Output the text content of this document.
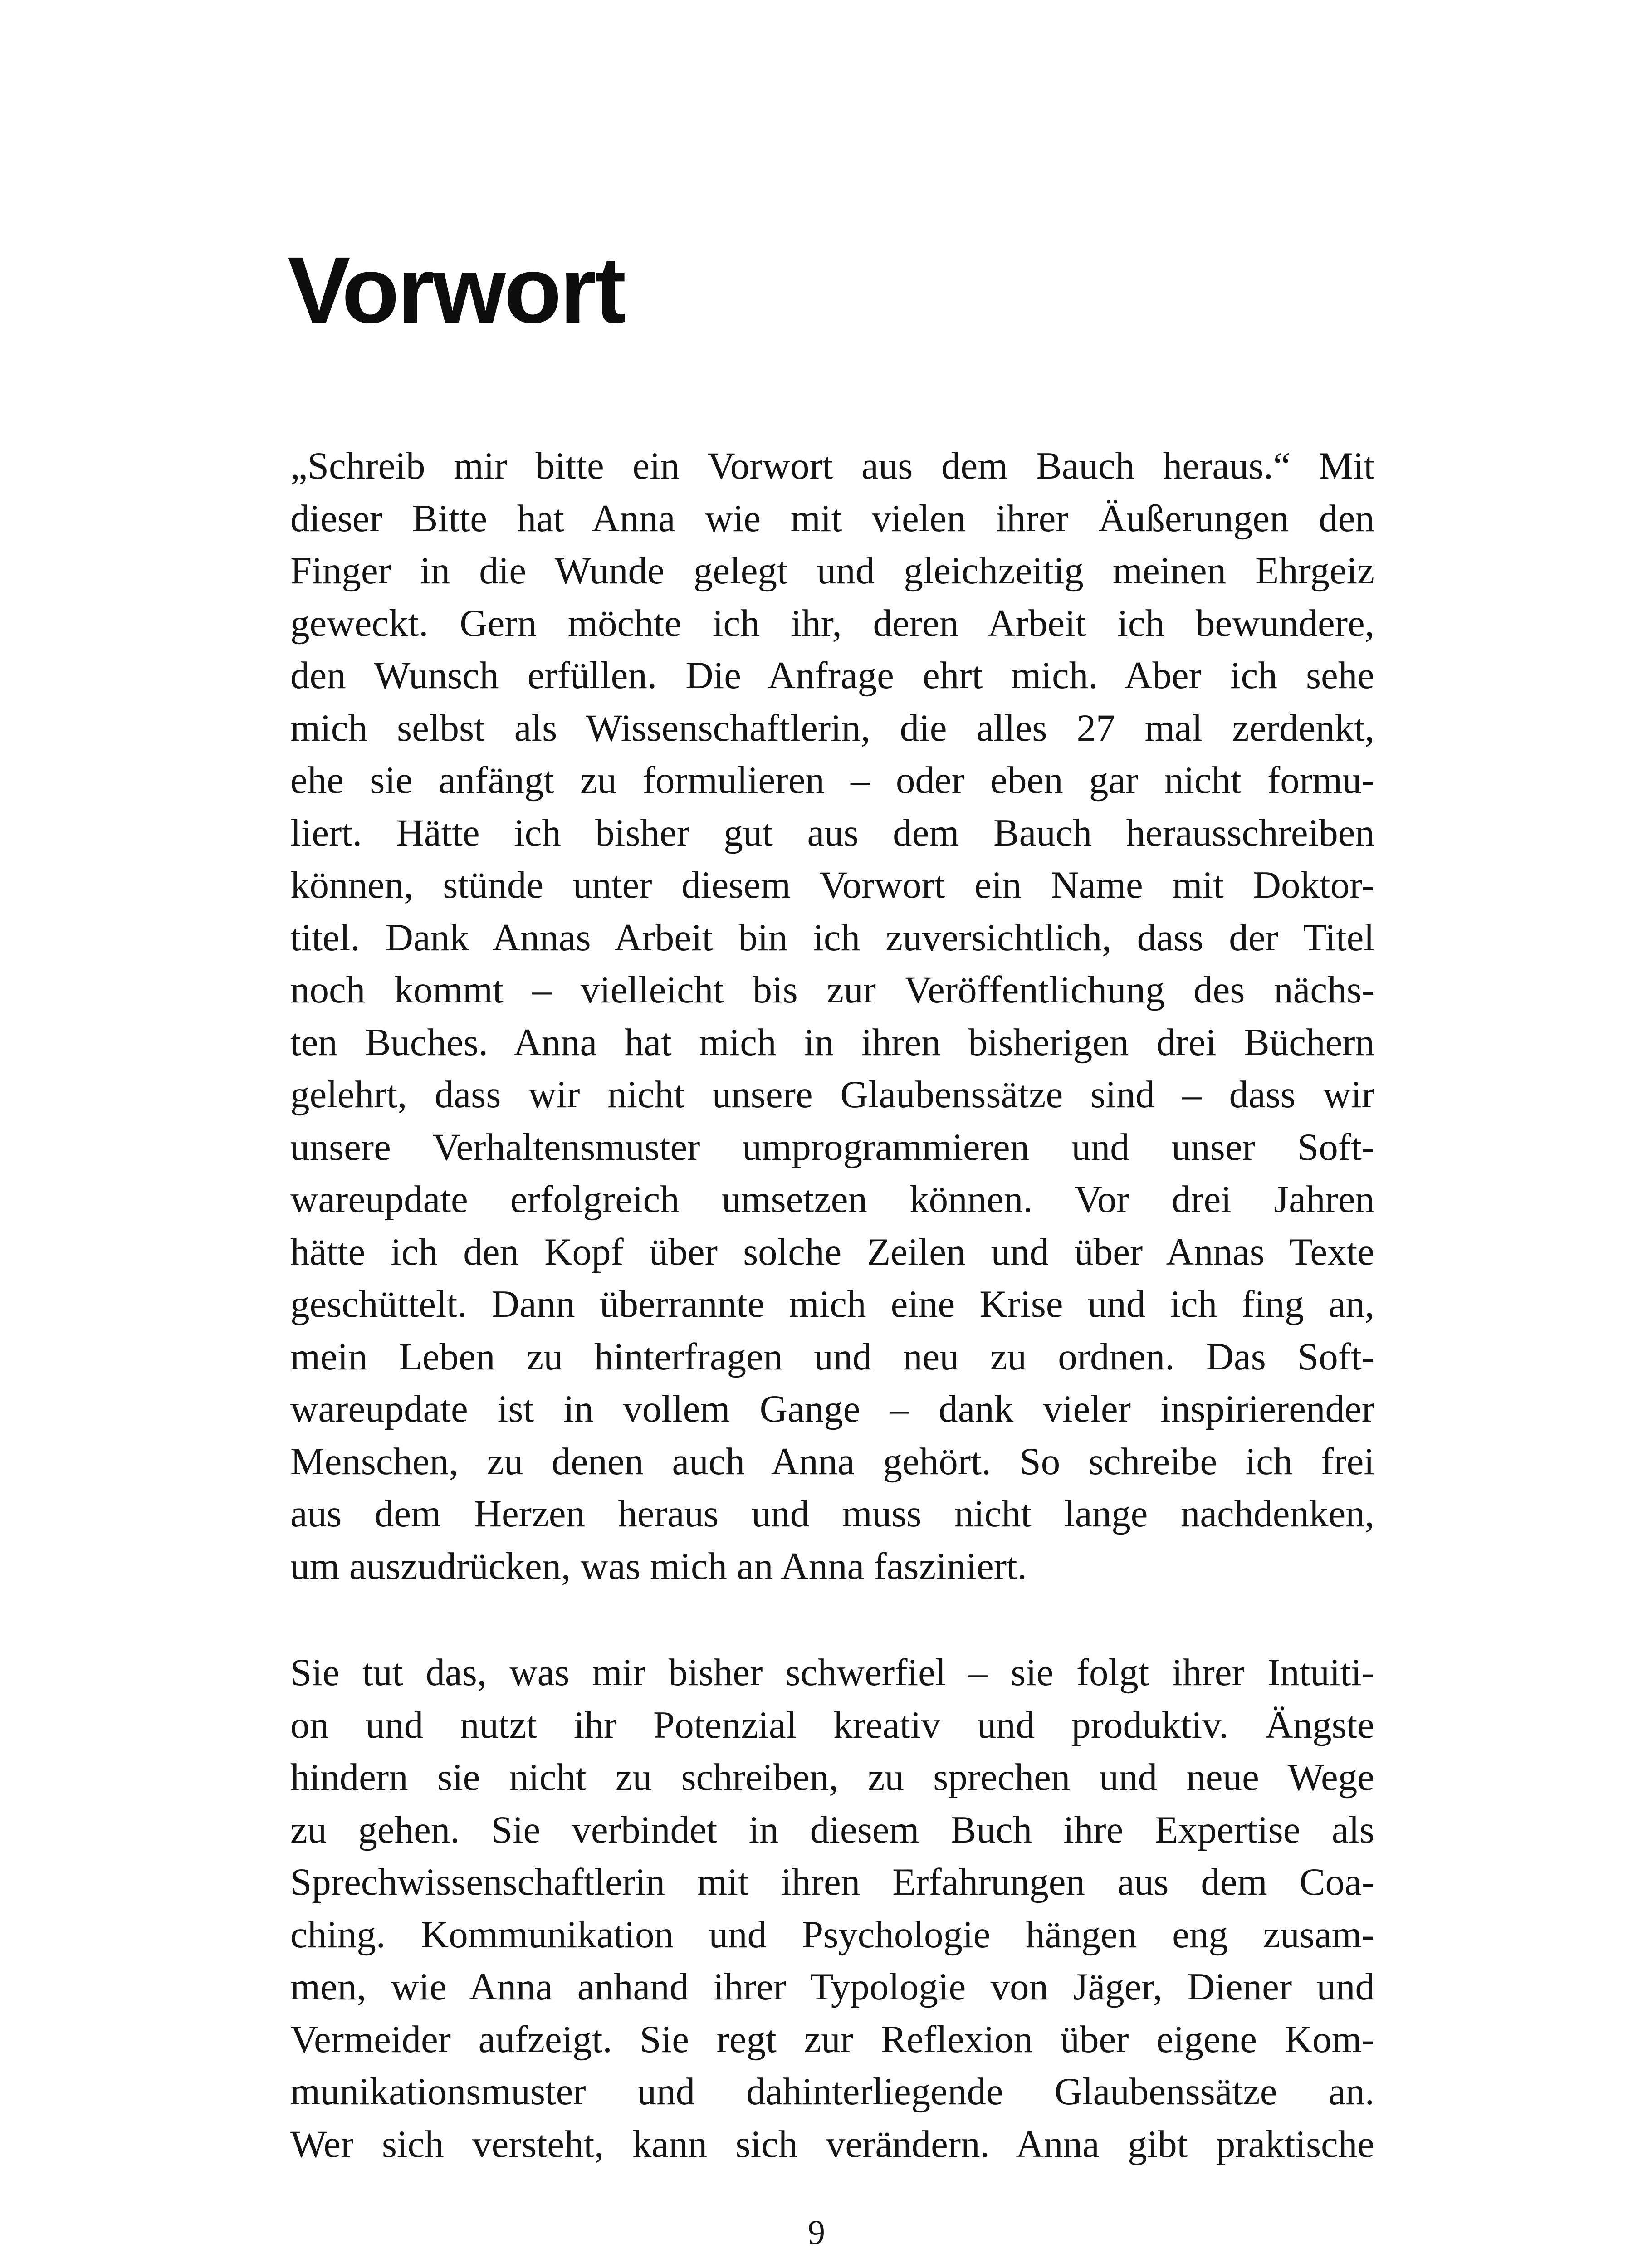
Vorwort
„Schreib mir bitte ein Vorwort aus dem Bauch heraus.“ Mit
dieser Bitte hat Anna wie mit vielen ihrer Äußerungen den
Finger in die Wunde gelegt und gleichzeitig meinen Ehrgeiz
geweckt. Gern möchte ich ihr, deren Arbeit ich bewundere,
den Wunsch erfüllen. Die Anfrage ehrt mich. Aber ich sehe
mich selbst als Wissenschaftlerin, die alles 27 mal zerdenkt,
ehe sie anfängt zu formulieren – oder eben gar nicht formu-
liert. Hätte ich bisher gut aus dem Bauch herausschreiben
können, stünde unter diesem Vorwort ein Name mit Doktor-
titel. Dank Annas Arbeit bin ich zuversichtlich, dass der Titel
noch kommt – vielleicht bis zur Veröffentlichung des nächs-
ten Buches. Anna hat mich in ihren bisherigen drei Büchern
gelehrt, dass wir nicht unsere Glaubenssätze sind – dass wir
unsere Verhaltensmuster umprogrammieren und unser Soft-
wareupdate erfolgreich umsetzen können. Vor drei Jahren
hätte ich den Kopf über solche Zeilen und über Annas Texte
geschüttelt. Dann überrannte mich eine Krise und ich fing an,
mein Leben zu hinterfragen und neu zu ordnen. Das Soft-
wareupdate ist in vollem Gange – dank vieler inspirierender
Menschen, zu denen auch Anna gehört. So schreibe ich frei
aus dem Herzen heraus und muss nicht lange nachdenken,
um auszudrücken, was mich an Anna fasziniert.
Sie tut das, was mir bisher schwerfiel – sie folgt ihrer Intuiti-
on und nutzt ihr Potenzial kreativ und produktiv. Ängste
hindern sie nicht zu schreiben, zu sprechen und neue Wege
zu gehen. Sie verbindet in diesem Buch ihre Expertise als
Sprechwissenschaftlerin mit ihren Erfahrungen aus dem Coa-
ching. Kommunikation und Psychologie hängen eng zusam-
men, wie Anna anhand ihrer Typologie von Jäger, Diener und
Vermeider aufzeigt. Sie regt zur Reflexion über eigene Kom-
munikationsmuster und dahinterliegende Glaubenssätze an.
Wer sich versteht, kann sich verändern. Anna gibt praktische
9
